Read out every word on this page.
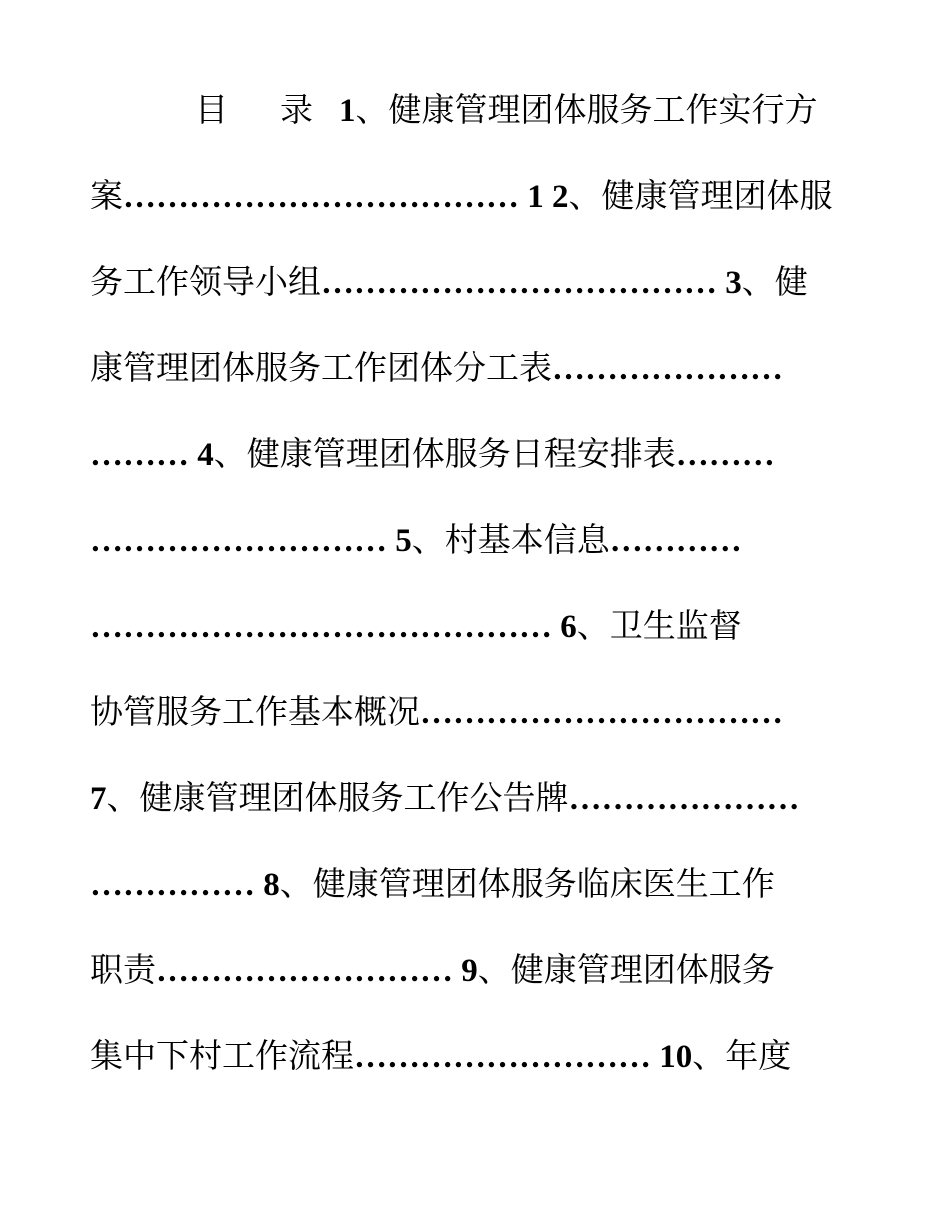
目 录 1、健康管理团体服务工作实行方
案……………………………… 1 2、健康管理团体服
务工作领导小组……………………………… 3、健
康管理团体服务工作团体分工表…………………
……… 4、健康管理团体服务日程安排表………
……………………… 5、村基本信息…………
…………………………………… 6、卫生监督
协管服务工作基本概况……………………………
7、健康管理团体服务工作公告牌…………………
…………… 8、健康管理团体服务临床医生工作
职责……………………… 9、健康管理团体服务
集中下村工作流程……………………… 10、年度
